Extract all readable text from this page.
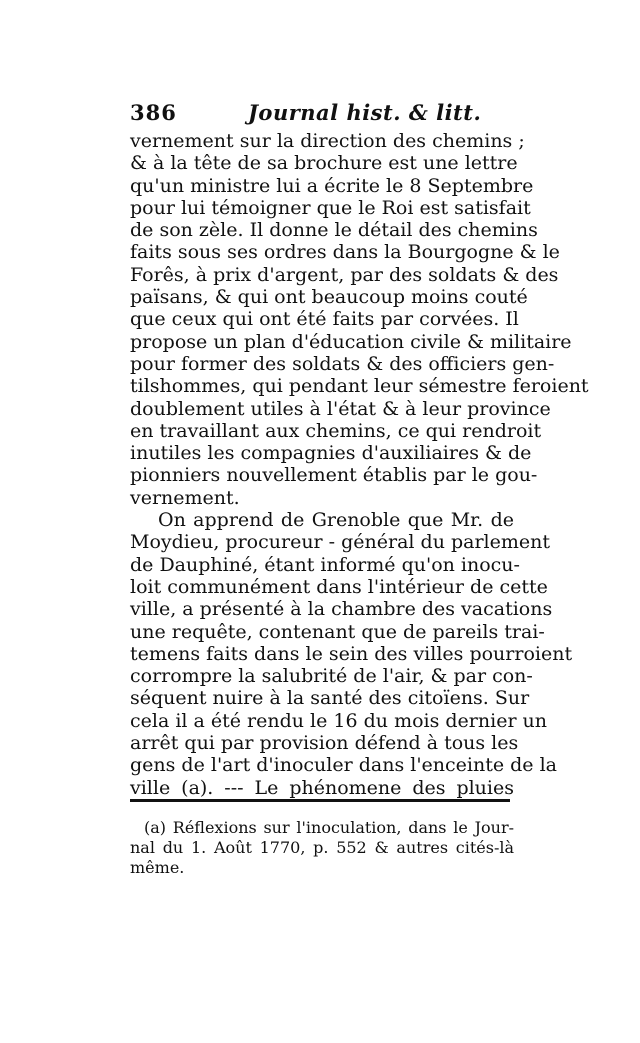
386	Journal hist. & litt.
vernement sur la direction des chemins ;
& à la tête de sa brochure est une lettre
qu'un ministre lui a écrite le 8 Septembre
pour lui témoigner que le Roi est satisfait
de son zèle. Il donne le détail des chemins
faits sous ses ordres dans la Bourgogne & le
Forês, à prix d'argent, par des soldats & des
païsans, & qui ont beaucoup moins couté
que ceux qui ont été faits par corvées. Il
propose un plan d'éducation civile & militaire
pour former des soldats & des officiers gen-
tilshommes, qui pendant leur sémestre feroient
doublement utiles à l'état & à leur province
en travaillant aux chemins, ce qui rendroit
inutiles les compagnies d'auxiliaires & de
pionniers nouvellement établis par le gou-
vernement.
On apprend de Grenoble que Mr. de
Moydieu, procureur - général du parlement
de Dauphiné, étant informé qu'on inocu-
loit communément dans l'intérieur de cette
ville, a présenté à la chambre des vacations
une requête, contenant que de pareils trai-
temens faits dans le sein des villes pourroient
corrompre la salubrité de l'air, & par con-
séquent nuire à la santé des citoïens. Sur
cela il a été rendu le 16 du mois dernier un
arrêt qui par provision défend à tous les
gens de l'art d'inoculer dans l'enceinte de la
ville (a). --- Le phénomene des pluies
(a) Réflexions sur l'inoculation, dans le Jour-
nal du 1. Août 1770, p. 552 & autres cités-là
même.
